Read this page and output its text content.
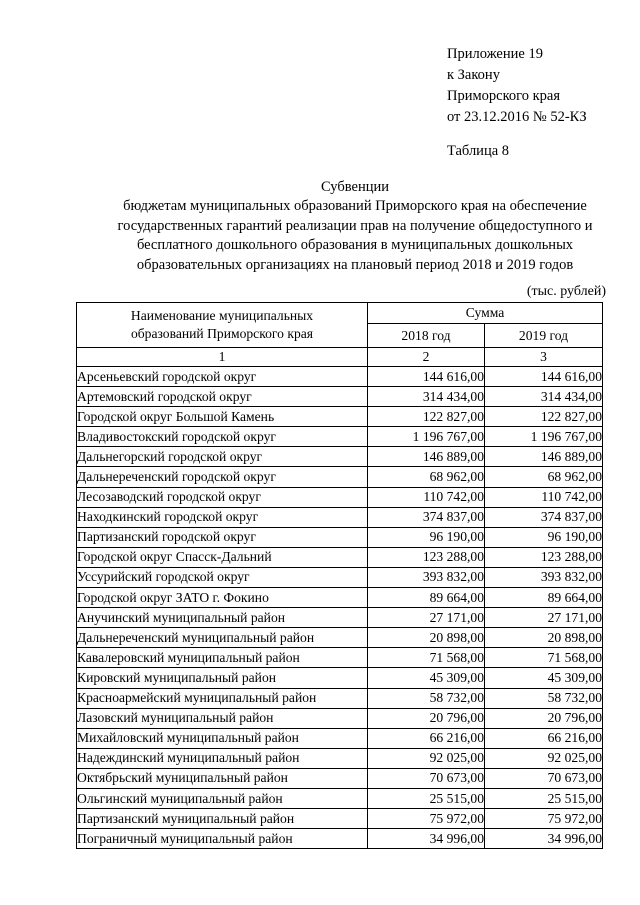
Приложение 19
к Закону
Приморского края
от 23.12.2016 № 52-КЗ
Таблица 8
Субвенции
бюджетам муниципальных образований Приморского края на обеспечение
государственных гарантий реализации прав на получение общедоступного и
бесплатного дошкольного образования в муниципальных дошкольных
образовательных организациях на плановый период 2018 и 2019 годов
(тыс. рублей)
Наименование муниципальных
образований Приморского края	Сумма	
	2018 год	2019 год
1	2	3
Арсеньевский городской округ	144 616,00	144 616,00
Артемовский городской округ	314 434,00	314 434,00
Городской округ Большой Камень	122 827,00	122 827,00
Владивостокский городской округ	1 196 767,00	1 196 767,00
Дальнегорский городской округ	146 889,00	146 889,00
Дальнереченский городской округ	68 962,00	68 962,00
Лесозаводский городской округ	110 742,00	110 742,00
Находкинский городской округ	374 837,00	374 837,00
Партизанский городской округ	96 190,00	96 190,00
Городской округ Спасск-Дальний	123 288,00	123 288,00
Уссурийский городской округ	393 832,00	393 832,00
Городской округ ЗАТО г. Фокино	89 664,00	89 664,00
Анучинский муниципальный район	27 171,00	27 171,00
Дальнереченский муниципальный район	20 898,00	20 898,00
Кавалеровский муниципальный район	71 568,00	71 568,00
Кировский муниципальный район	45 309,00	45 309,00
Красноармейский муниципальный район	58 732,00	58 732,00
Лазовский муниципальный район	20 796,00	20 796,00
Михайловский муниципальный район	66 216,00	66 216,00
Надеждинский муниципальный район	92 025,00	92 025,00
Октябрьский муниципальный район	70 673,00	70 673,00
Ольгинский муниципальный район	25 515,00	25 515,00
Партизанский муниципальный район	75 972,00	75 972,00
Пограничный муниципальный район	34 996,00	34 996,00
